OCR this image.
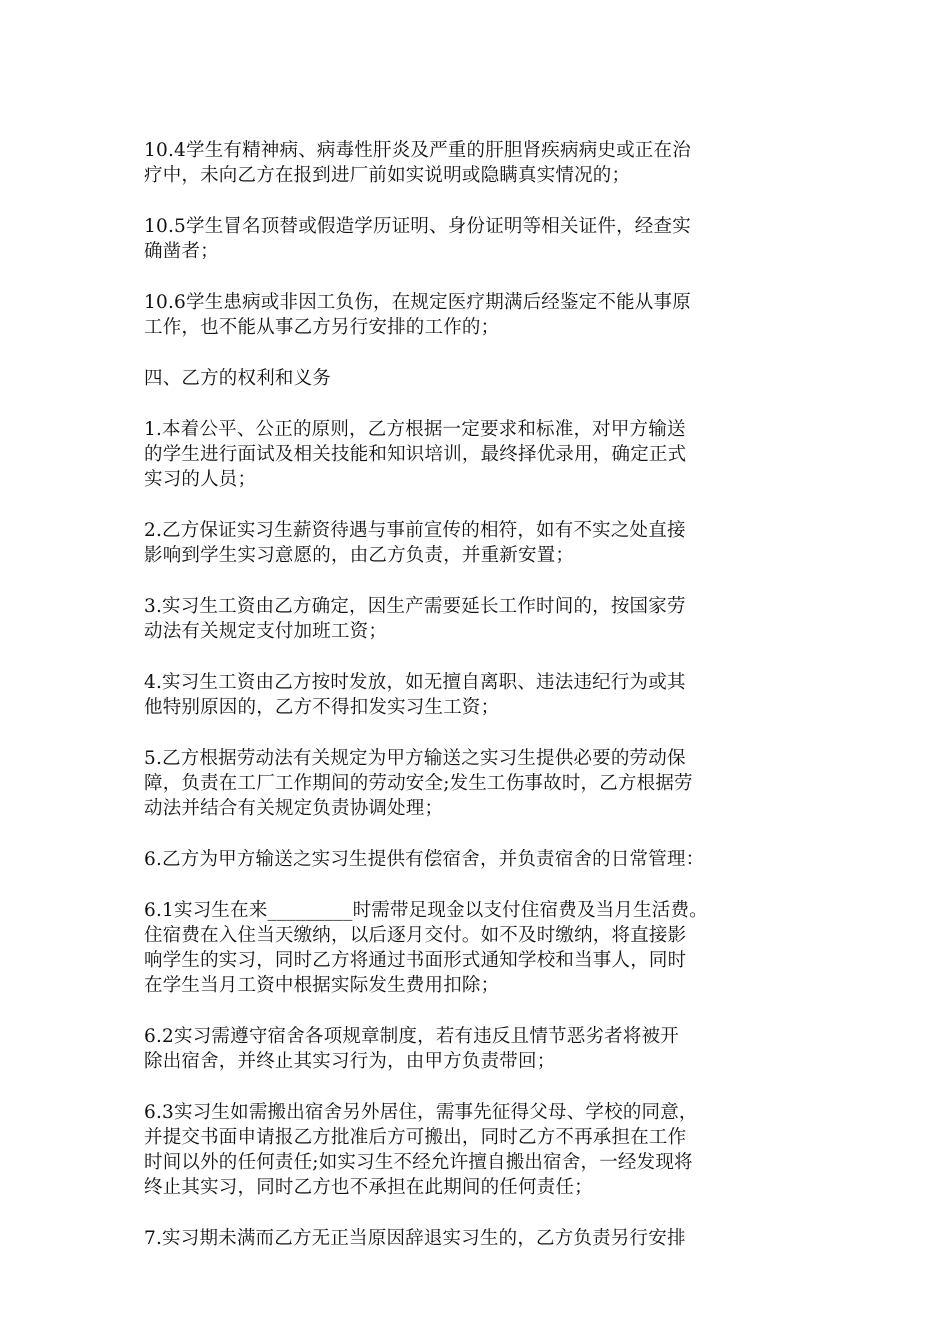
10.4学生有精神病、病毒性肝炎及严重的肝胆肾疾病病史或正在治
疗中，未向乙方在报到进厂前如实说明或隐瞒真实情况的；

10.5学生冒名顶替或假造学历证明、身份证明等相关证件，经查实
确凿者；

10.6学生患病或非因工负伤，在规定医疗期满后经鉴定不能从事原
工作，也不能从事乙方另行安排的工作的；

四、乙方的权利和义务

1.本着公平、公正的原则，乙方根据一定要求和标准，对甲方输送
的学生进行面试及相关技能和知识培训，最终择优录用，确定正式
实习的人员；

2.乙方保证实习生薪资待遇与事前宣传的相符，如有不实之处直接
影响到学生实习意愿的，由乙方负责，并重新安置；

3.实习生工资由乙方确定，因生产需要延长工作时间的，按国家劳
动法有关规定支付加班工资；

4.实习生工资由乙方按时发放，如无擅自离职、违法违纪行为或其
他特别原因的，乙方不得扣发实习生工资；

5.乙方根据劳动法有关规定为甲方输送之实习生提供必要的劳动保
障，负责在工厂工作期间的劳动安全;发生工伤事故时，乙方根据劳
动法并结合有关规定负责协调处理；

6.乙方为甲方输送之实习生提供有偿宿舍，并负责宿舍的日常管理：

6.1实习生在来_________时需带足现金以支付住宿费及当月生活费。
住宿费在入住当天缴纳，以后逐月交付。如不及时缴纳，将直接影
响学生的实习，同时乙方将通过书面形式通知学校和当事人，同时
在学生当月工资中根据实际发生费用扣除；

6.2实习需遵守宿舍各项规章制度，若有违反且情节恶劣者将被开
除出宿舍，并终止其实习行为，由甲方负责带回；

6.3实习生如需搬出宿舍另外居住，需事先征得父母、学校的同意，
并提交书面申请报乙方批准后方可搬出，同时乙方不再承担在工作
时间以外的任何责任;如实习生不经允许擅自搬出宿舍，一经发现将
终止其实习，同时乙方也不承担在此期间的任何责任；

7.实习期未满而乙方无正当原因辞退实习生的，乙方负责另行安排
